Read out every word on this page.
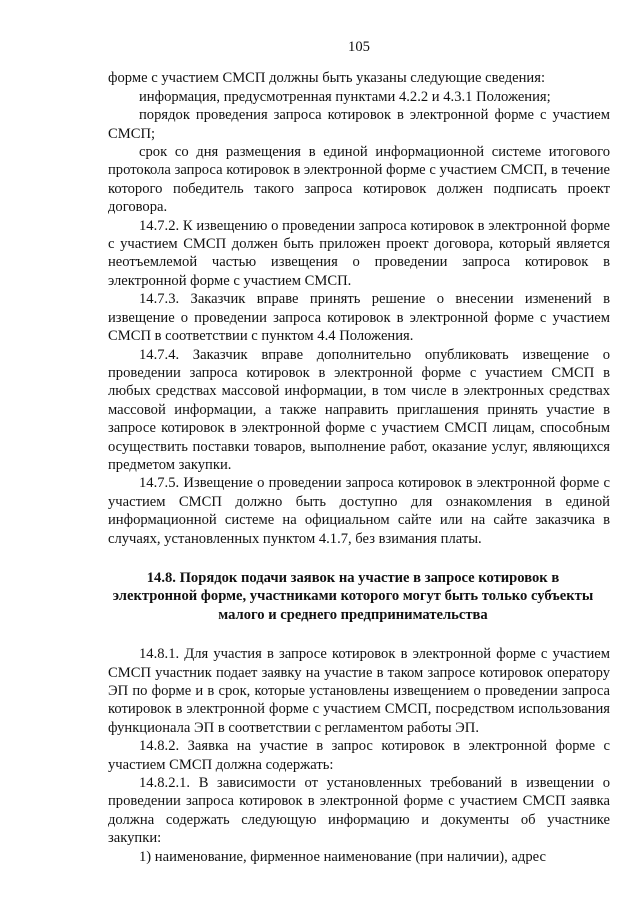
105

форме с участием СМСП должны быть указаны следующие сведения:

информация, предусмотренная пунктами 4.2.2 и 4.3.1 Положения;

порядок проведения запроса котировок в электронной форме с участием СМСП;

срок со дня размещения в единой информационной системе итогового протокола запроса котировок в электронной форме с участием СМСП, в течение которого победитель такого запроса котировок должен подписать проект договора.

14.7.2. К извещению о проведении запроса котировок в электронной форме с участием СМСП должен быть приложен проект договора, который является неотъемлемой частью извещения о проведении запроса котировок в электронной форме с участием СМСП.

14.7.3. Заказчик вправе принять решение о внесении изменений в извещение о проведении запроса котировок в электронной форме с участием СМСП в соответствии с пунктом 4.4 Положения.

14.7.4. Заказчик вправе дополнительно опубликовать извещение о проведении запроса котировок в электронной форме с участием СМСП в любых средствах массовой информации, в том числе в электронных средствах массовой информации, а также направить приглашения принять участие в запросе котировок в электронной форме с участием СМСП лицам, способным осуществить поставки товаров, выполнение работ, оказание услуг, являющихся предметом закупки.

14.7.5. Извещение о проведении запроса котировок в электронной форме с участием СМСП должно быть доступно для ознакомления в единой информационной системе на официальном сайте или на сайте заказчика в случаях, установленных пунктом 4.1.7, без взимания платы.

14.8. Порядок подачи заявок на участие в запросе котировок в электронной форме, участниками которого могут быть только субъекты малого и среднего предпринимательства

14.8.1. Для участия в запросе котировок в электронной форме с участием СМСП участник подает заявку на участие в таком запросе котировок оператору ЭП по форме и в срок, которые установлены извещением о проведении запроса котировок в электронной форме с участием СМСП, посредством использования функционала ЭП в соответствии с регламентом работы ЭП.

14.8.2. Заявка на участие в запрос котировок в электронной форме с участием СМСП должна содержать:

14.8.2.1. В зависимости от установленных требований в извещении о проведении запроса котировок в электронной форме с участием СМСП заявка должна содержать следующую информацию и документы об участнике закупки:

1) наименование, фирменное наименование (при наличии), адрес
